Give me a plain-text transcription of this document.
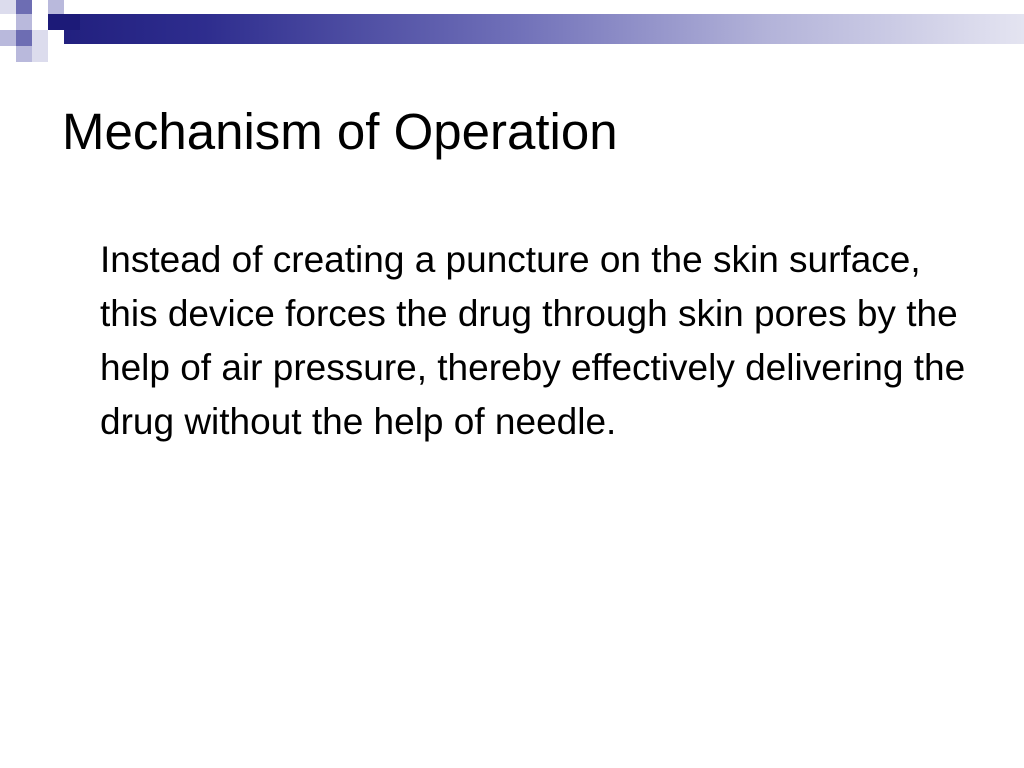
Mechanism of Operation

Instead of creating a puncture on the skin surface, this device forces the drug through skin pores by the help of air pressure, thereby effectively delivering the drug without the help of needle.
